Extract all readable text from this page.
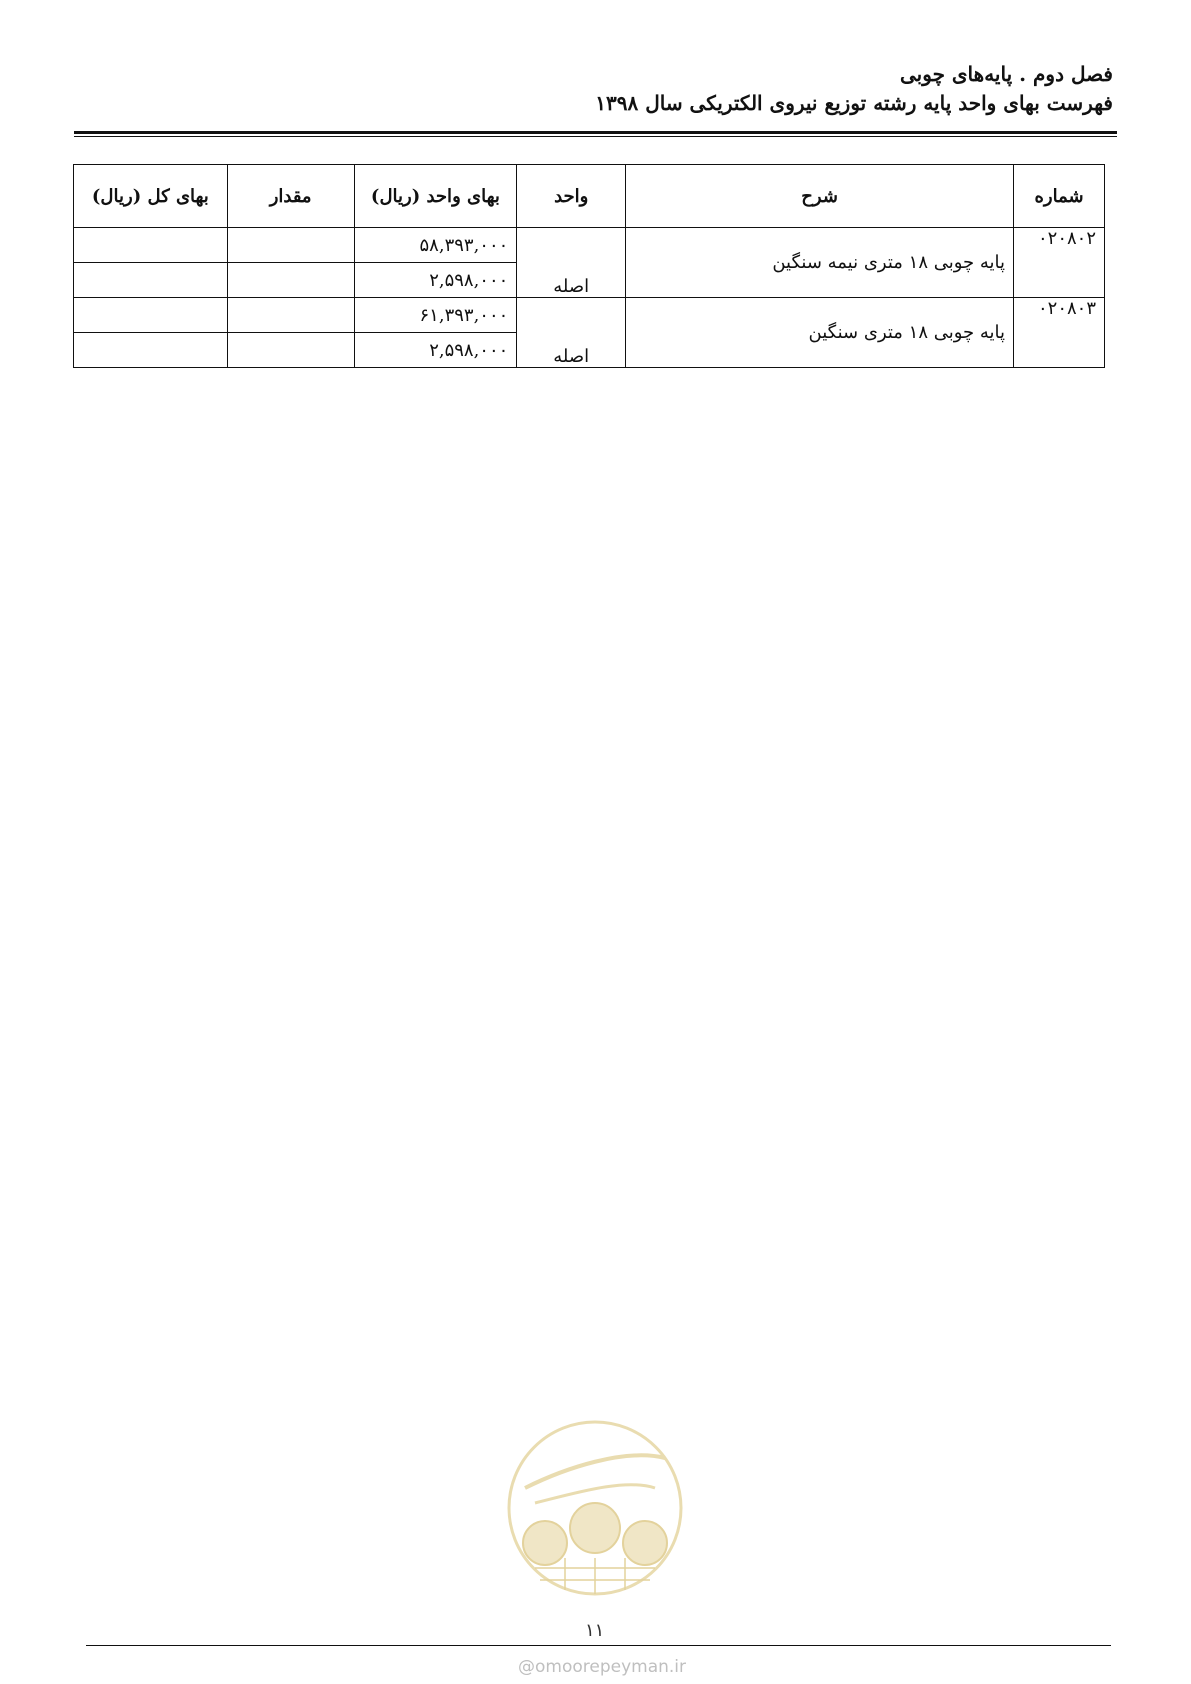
فصل دوم . پایه‌های چوبی
فهرست بهای واحد پایه رشته توزیع نیروی الکتریکی سال ۱۳۹۸
شماره	شرح	واحد	بهای واحد (ریال)	مقدار	بهای کل (ریال)
۰۲۰۸۰۲	پایه چوبی ۱۸ متری نیمه سنگین	اصله	۵۸,۳۹۳,۰۰۰		
			۲,۵۹۸,۰۰۰		
۰۲۰۸۰۳	پایه چوبی ۱۸ متری سنگین	اصله	۶۱,۳۹۳,۰۰۰		
			۲,۵۹۸,۰۰۰		
۱۱
@omoorepeyman.ir
